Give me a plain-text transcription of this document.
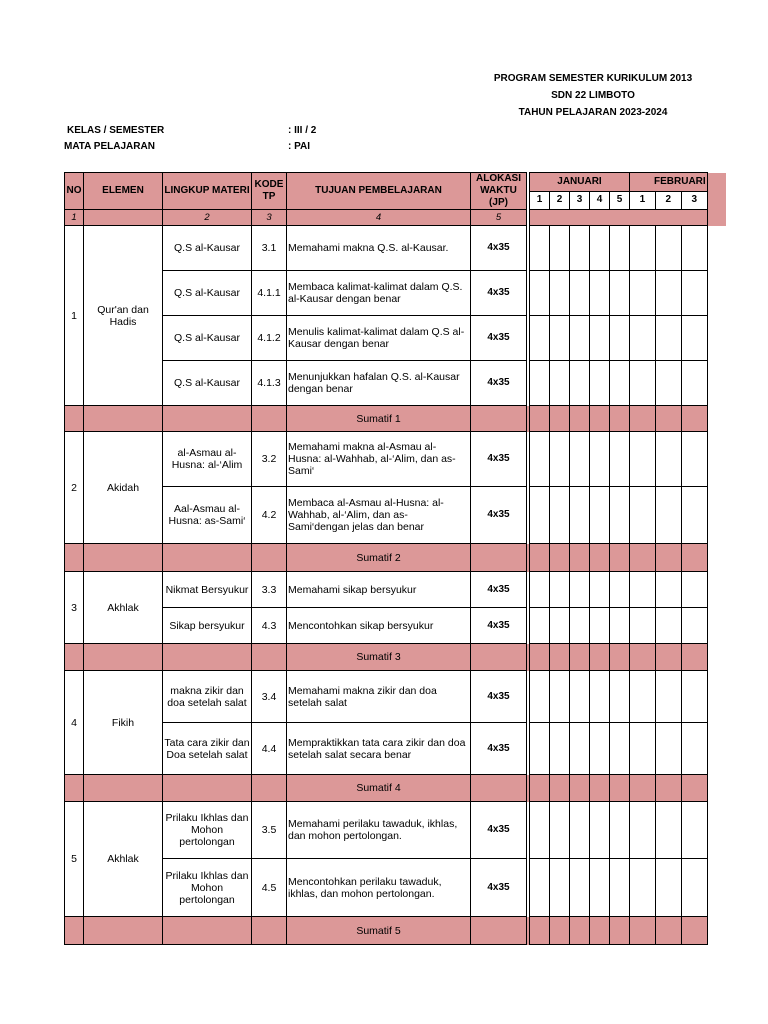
PROGRAM SEMESTER KURIKULUM 2013
SDN 22 LIMBOTO
TAHUN PELAJARAN 2023-2024
KELAS / SEMESTER	: III / 2
MATA PELAJARAN	: PAI
NO	ELEMEN	LINGKUP MATERI	KODE TP	TUJUAN PEMBELAJARAN	ALOKASI WAKTU (JP)		JANUARI					FEBRUARI			
							1	2	3	4	5	1	2	3	
1		2	3	4	5										
1	Qur'an dan Hadis	Q.S al-Kausar	3.1	Memahami makna Q.S. al-Kausar.	4x35										
		Q.S al-Kausar	4.1.1	Membaca kalimat-kalimat dalam Q.S. al-Kausar dengan benar	4x35										
		Q.S al-Kausar	4.1.2	Menulis kalimat-kalimat dalam Q.S al-Kausar dengan benar	4x35										
		Q.S al-Kausar	4.1.3	Menunjukkan hafalan Q.S. al-Kausar dengan benar	4x35										
				Sumatif 1											
2	Akidah	al-Asmau al-Husna: al-‘Alim	3.2	Memahami makna al-Asmau al-Husna: al-Wahhab, al-‘Alim, dan as-Sami‘	4x35										
		Aal-Asmau al-Husna: as-Sami‘	4.2	Membaca al-Asmau al-Husna: al-Wahhab, al-‘Alim, dan as-Sami‘dengan jelas dan benar	4x35										
				Sumatif 2											
3	Akhlak	Nikmat Bersyukur	3.3	Memahami sikap bersyukur	4x35										
		Sikap bersyukur	4.3	Mencontohkan sikap bersyukur	4x35										
				Sumatif 3											
4	Fikih	makna zikir dan doa setelah salat	3.4	Memahami makna zikir dan doa setelah salat	4x35										
		Tata cara zikir dan Doa setelah salat	4.4	Mempraktikkan tata cara zikir dan doa setelah salat secara benar	4x35										
				Sumatif 4											
5	Akhlak	Prilaku Ikhlas dan Mohon pertolongan	3.5	Memahami perilaku tawaduk, ikhlas, dan mohon pertolongan.	4x35										
		Prilaku Ikhlas dan Mohon pertolongan	4.5	Mencontohkan perilaku tawaduk, ikhlas, dan mohon pertolongan.	4x35										
				Sumatif 5											
